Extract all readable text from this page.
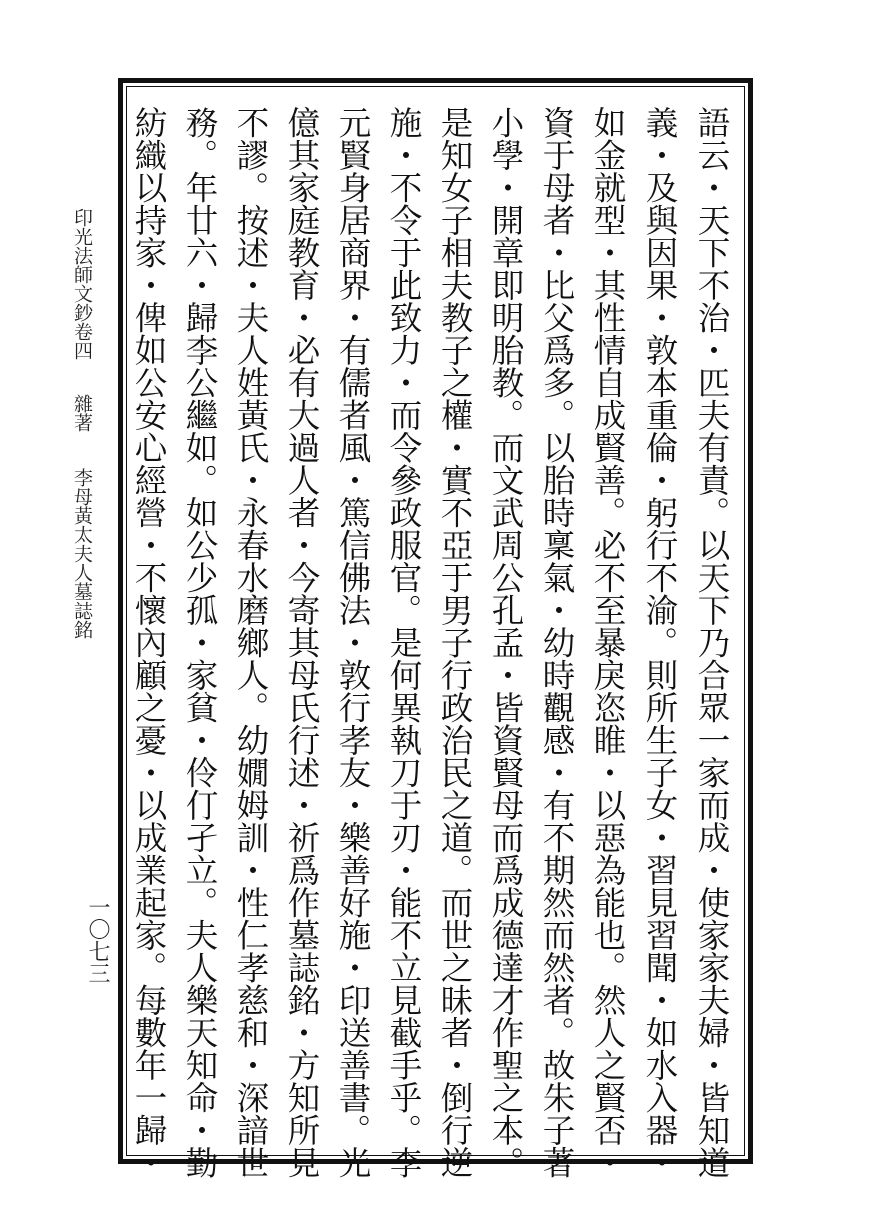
印光法師文鈔卷四
雜著
李母黃太夫人墓誌銘
一〇七三	語云・天下不治・匹夫有責。以天下乃合眾一家而成・使家家夫婦・皆知道
義・及與因果・敦本重倫・躬行不渝。則所生子女・習見習聞・如水入器・
如金就型・其性情自成賢善。必不至暴戾恣睢・以惡為能也。然人之賢否・
資于母者・比父爲多。以胎時稟氣・幼時觀感・有不期然而然者。故朱子著
小學・開章即明胎教。而文武周公孔孟・皆資賢母而爲成德達才作聖之本。
是知女子相夫教子之權・實不亞于男子行政治民之道。而世之昧者・倒行逆
施・不令于此致力・而令參政服官。是何異執刀于刃・能不立見截手乎。李
元賢身居商界・有儒者風・篤信佛法・敦行孝友・樂善好施・印送善書。光
億其家庭教育・必有大過人者・今寄其母氏行述・祈爲作墓誌銘・方知所見
不謬。按述・夫人姓黃氏・永春水磨鄉人。幼嫺姆訓・性仁孝慈和・深諳世
務。年廿六・歸李公繼如。如公少孤・家貧・伶仃孑立。夫人樂天知命・勤
紡織以持家・俾如公安心經營・不懷內顧之憂・以成業起家。每數年一歸・
